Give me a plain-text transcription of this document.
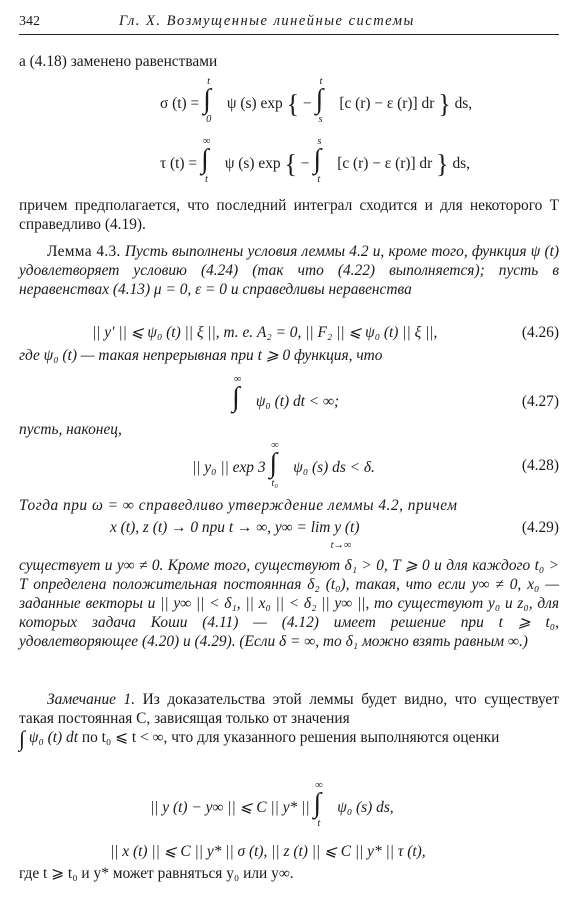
342	Гл. X. Возмущенные линейные системы

а (4.18) заменено равенствами

σ (t) = ∫
t
0
ψ (s) exp { − ∫
t
s
[c (r) − ε (r)] dr } ds,
τ (t) = ∫
∞
t
ψ (s) exp { − ∫
s
t
[c (r) − ε (r)] dr } ds,

причем предполагается, что последний интеграл сходится и для некоторого T справедливо (4.19).

Лемма 4.3. Пусть выполнены условия леммы 4.2 и, кроме того, функция ψ (t) удовлетворяет условию (4.24) (так что (4.22) выполняется); пусть в неравенствах (4.13) μ = 0, ε = 0 и справедливы неравенства

|| y′ || ⩽ ψ₀ (t) || ξ ||, т. е. A₂ = 0, || F₂ || ⩽ ψ₀ (t) || ξ ||,	(4.26)

где ψ₀ (t) — такая непрерывная при t ⩾ 0 функция, что

∫
∞
ψ₀ (t) dt < ∞;	(4.27)

пусть, наконец,

|| y₀ || exp 3 ∫
∞
t₀
ψ₀ (s) ds < δ.	(4.28)

Тогда при ω = ∞ справедливо утверждение леммы 4.2, причем

x (t), z (t) → 0 при t → ∞, y∞ = lim y (t)
t→∞
(4.29)

существует и y∞ ≠ 0. Кроме того, существуют δ₁ > 0, T ⩾ 0 и для каждого t₀ > T определена положительная постоянная δ₂ (t₀), такая, что если y∞ ≠ 0, x₀ — заданные векторы и || y∞ || < δ₁, || x₀ || < δ₂ || y∞ ||, то существуют y₀ и z₀, для которых задача Коши (4.11) — (4.12) имеет решение при t ⩾ t₀, удовлетворяющее (4.20) и (4.29). (Если δ = ∞, то δ₁ можно взять равным ∞.)

Замечание 1. Из доказательства этой леммы будет видно, что существует такая постоянная C, зависящая только от значения

∫ ψ₀ (t) dt по t₀ ⩽ t < ∞, что для указанного решения выполняются оценки

|| y (t) − y∞ || ⩽ C || y* || ∫
∞
t
ψ₀ (s) ds,
|| x (t) || ⩽ C || y* || σ (t), || z (t) || ⩽ C || y* || τ (t),

где t ⩾ t₀ и y* может равняться y₀ или y∞.
